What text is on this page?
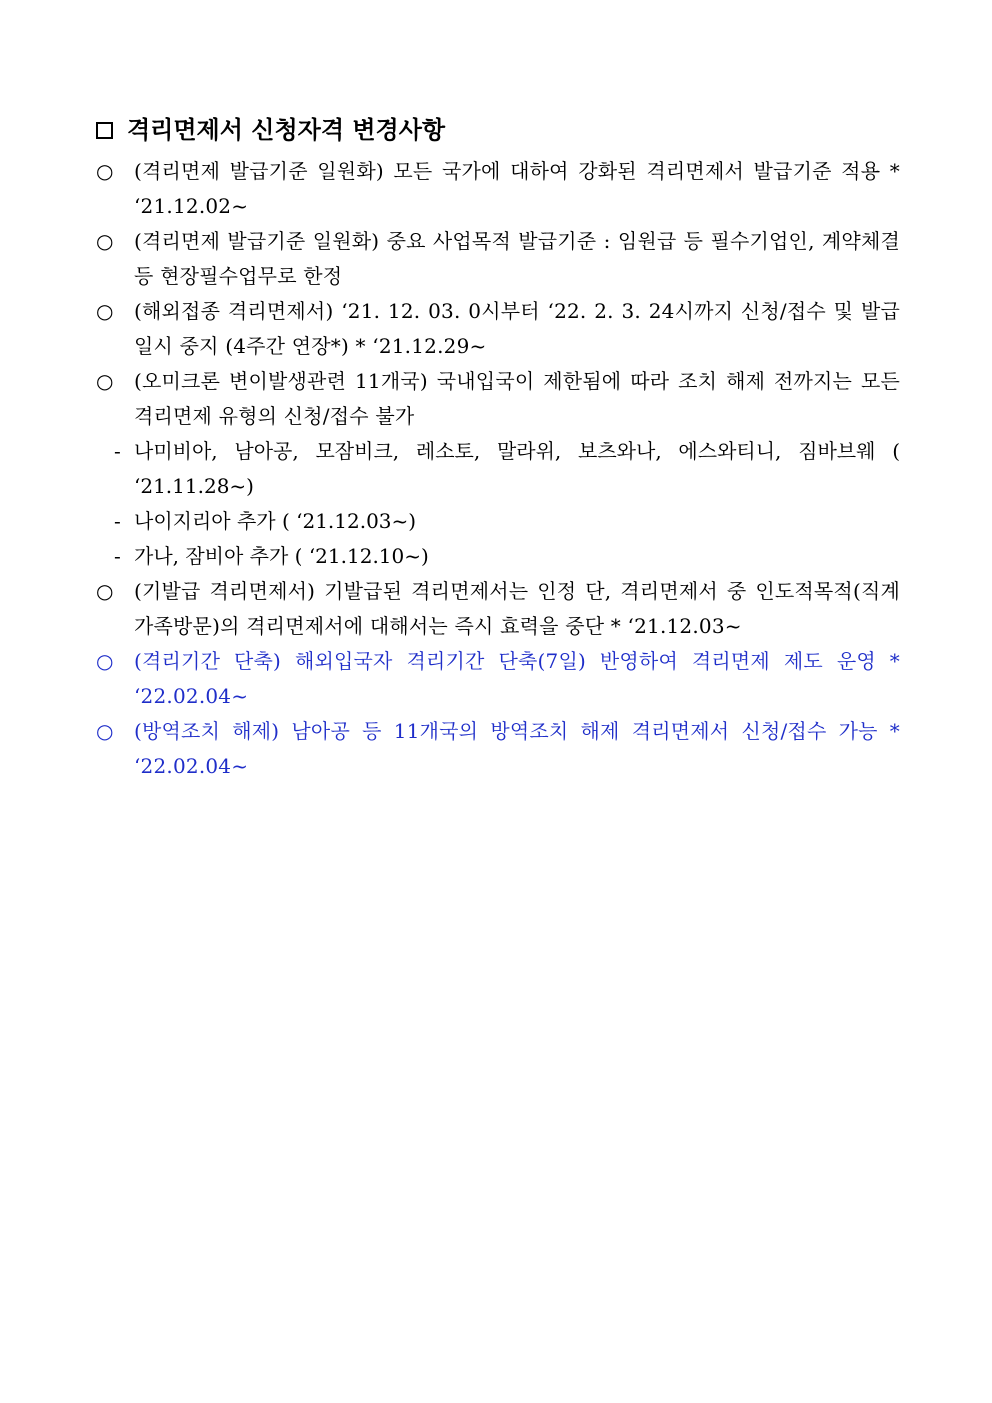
격리면제서 신청자격 변경사항
○	(격리면제 발급기준 일원화) 모든 국가에 대하여 강화된 격리면제서 발급기준 적용 * ‘21.12.02~
○	(격리면제 발급기준 일원화) 중요 사업목적 발급기준 : 임원급 등 필수기업인, 계약체결 등 현장필수업무로 한정
○	(해외접종 격리면제서) ‘21. 12. 03. 0시부터 ‘22. 2. 3. 24시까지 신청/접수 및 발급 일시 중지 (4주간 연장*) * ‘21.12.29~
○	(오미크론 변이발생관련 11개국) 국내입국이 제한됨에 따라 조치 해제 전까지는 모든 격리면제 유형의 신청/접수 불가
- 나미비아, 남아공, 모잠비크, 레소토, 말라위, 보츠와나, 에스와티니, 짐바브웨 ( ‘21.11.28~)
- 나이지리아 추가 ( ‘21.12.03~)
- 가나, 잠비아 추가 ( ‘21.12.10~)
○	(기발급 격리면제서) 기발급된 격리면제서는 인정 단, 격리면제서 중 인도적목적(직계가족방문)의 격리면제서에 대해서는 즉시 효력을 중단 * ‘21.12.03~
○	(격리기간 단축) 해외입국자 격리기간 단축(7일) 반영하여 격리면제 제도 운영 * ‘22.02.04~
○	(방역조치 해제) 남아공 등 11개국의 방역조치 해제 격리면제서 신청/접수 가능 * ‘22.02.04~
